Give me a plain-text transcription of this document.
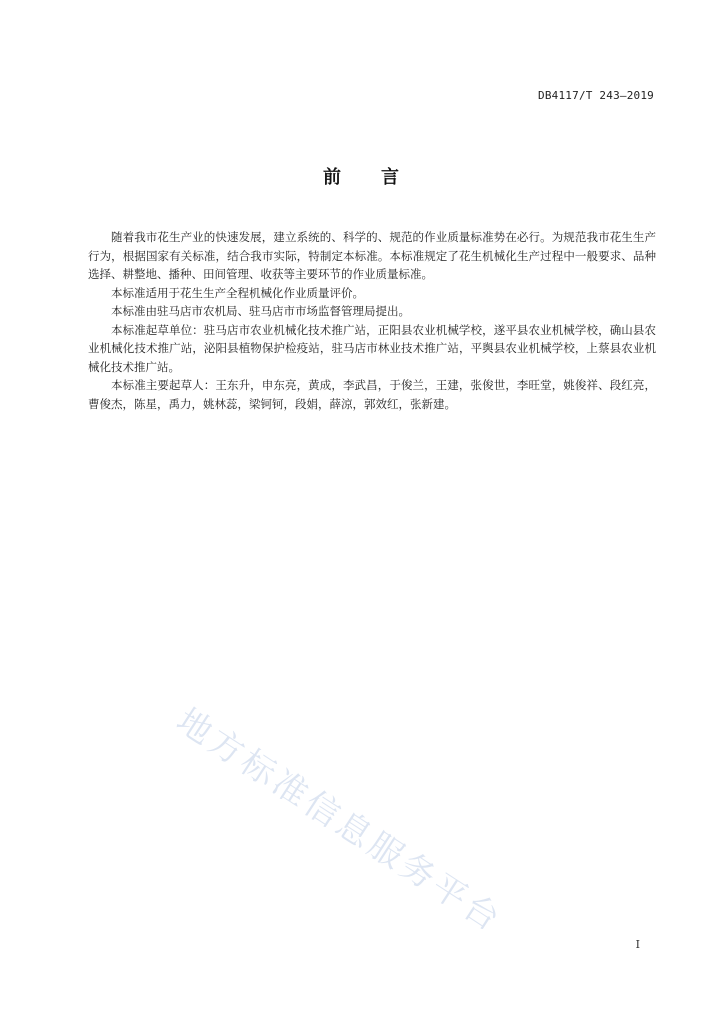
DB4117/T 243—2019
前 言

随着我市花生产业的快速发展，建立系统的、科学的、规范的作业质量标准势在必行。为规范我市花生生产行为，根据国家有关标准，结合我市实际，特制定本标准。本标准规定了花生机械化生产过程中一般要求、品种选择、耕整地、播种、田间管理、收获等主要环节的作业质量标准。

本标准适用于花生生产全程机械化作业质量评价。

本标准由驻马店市农机局、驻马店市市场监督管理局提出。

本标准起草单位：驻马店市农业机械化技术推广站，正阳县农业机械学校，遂平县农业机械学校，确山县农业机械化技术推广站，泌阳县植物保护检疫站，驻马店市林业技术推广站，平舆县农业机械学校，上蔡县农业机械化技术推广站。

本标准主要起草人：王东升，申东亮，黄成，李武昌，于俊兰，王建，张俊世，李旺堂，姚俊祥、段红亮，曹俊杰，陈星，禹力，姚林蕊，梁钶钶，段娟，薛涼，郭效红，张新建。

地方标准信息服务平台
I
